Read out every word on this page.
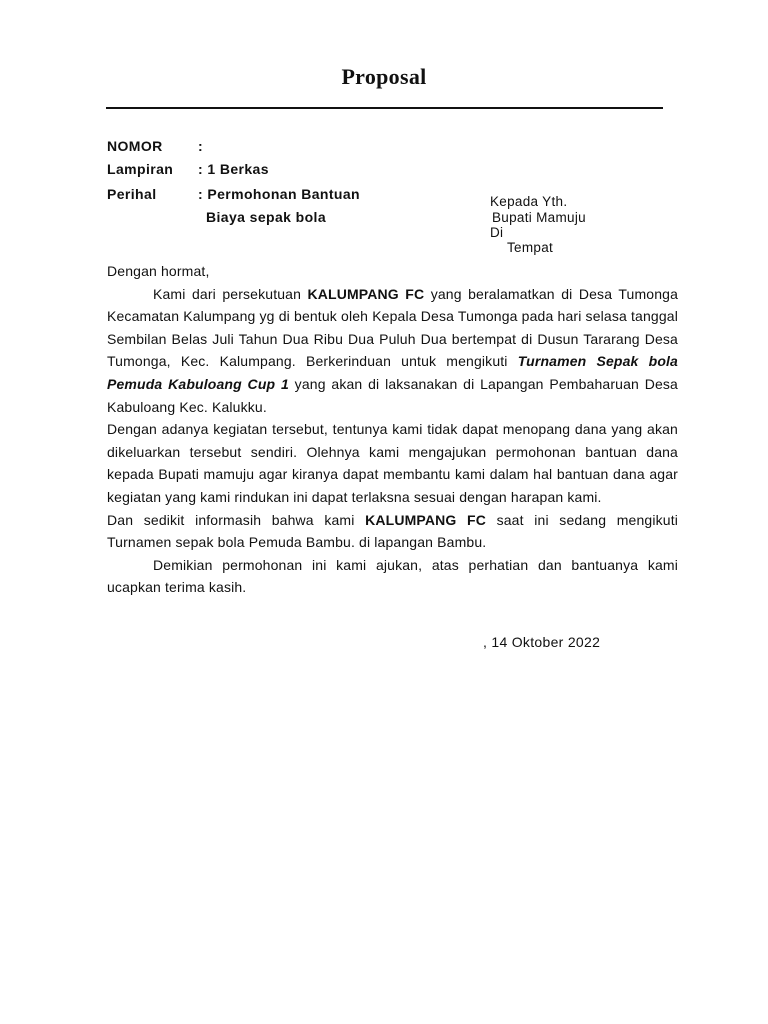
Proposal
NOMOR	:
Lampiran	: 1 Berkas
Perihal	: Permohonan Bantuan
Biaya sepak bola
Kepada Yth.
Bupati Mamuju
Di
Tempat

Dengan hormat,

Kami dari persekutuan KALUMPANG FC yang beralamatkan di Desa Tumonga Kecamatan Kalumpang yg di bentuk oleh Kepala Desa Tumonga pada hari selasa tanggal Sembilan Belas Juli Tahun Dua Ribu Dua Puluh Dua bertempat di Dusun Tararang Desa Tumonga, Kec. Kalumpang. Berkerinduan untuk mengikuti Turnamen Sepak bola Pemuda Kabuloang Cup 1 yang akan di laksanakan di Lapangan Pembaharuan Desa Kabuloang Kec. Kalukku.

Dengan adanya kegiatan tersebut, tentunya kami tidak dapat menopang dana yang akan dikeluarkan tersebut sendiri. Olehnya kami mengajukan permohonan bantuan dana kepada Bupati mamuju agar kiranya dapat membantu kami dalam hal bantuan dana agar kegiatan yang kami rindukan ini dapat terlaksna sesuai dengan harapan kami.

Dan sedikit informasih bahwa kami KALUMPANG FC saat ini sedang mengikuti Turnamen sepak bola Pemuda Bambu. di lapangan Bambu.

Demikian permohonan ini kami ajukan, atas perhatian dan bantuanya kami ucapkan terima kasih.

, 14 Oktober 2022
